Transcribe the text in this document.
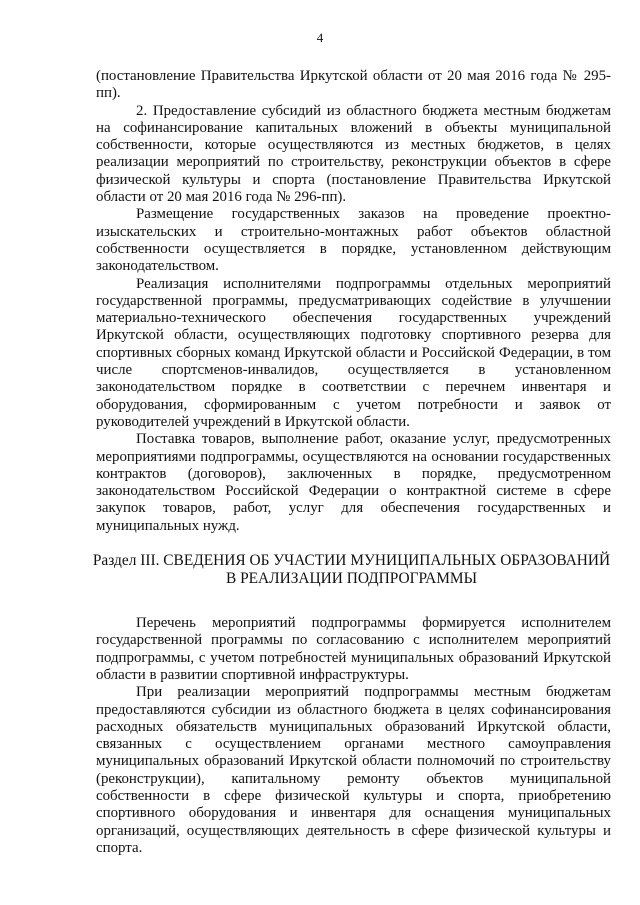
4

(постановление Правительства Иркутской области от 20 мая 2016 года № 295-пп).

2. Предоставление субсидий из областного бюджета местным бюджетам на софинансирование капитальных вложений в объекты муниципальной собственности, которые осуществляются из местных бюджетов, в целях реализации мероприятий по строительству, реконструкции объектов в сфере физической культуры и спорта (постановление Правительства Иркутской области от 20 мая 2016 года № 296-пп).

Размещение государственных заказов на проведение проектно-изыскательских и строительно-монтажных работ объектов областной собственности осуществляется в порядке, установленном действующим законодательством.

Реализация исполнителями подпрограммы отдельных мероприятий государственной программы, предусматривающих содействие в улучшении материально-технического обеспечения государственных учреждений Иркутской области, осуществляющих подготовку спортивного резерва для спортивных сборных команд Иркутской области и Российской Федерации, в том числе спортсменов-инвалидов, осуществляется в установленном законодательством порядке в соответствии с перечнем инвентаря и оборудования, сформированным с учетом потребности и заявок от руководителей учреждений в Иркутской области.

Поставка товаров, выполнение работ, оказание услуг, предусмотренных мероприятиями подпрограммы, осуществляются на основании государственных контрактов (договоров), заключенных в порядке, предусмотренном законодательством Российской Федерации о контрактной системе в сфере закупок товаров, работ, услуг для обеспечения государственных и муниципальных нужд.

Раздел III. СВЕДЕНИЯ ОБ УЧАСТИИ МУНИЦИПАЛЬНЫХ ОБРАЗОВАНИЙ
В РЕАЛИЗАЦИИ ПОДПРОГРАММЫ

Перечень мероприятий подпрограммы формируется исполнителем государственной программы по согласованию с исполнителем мероприятий подпрограммы, с учетом потребностей муниципальных образований Иркутской области в развитии спортивной инфраструктуры.

При реализации мероприятий подпрограммы местным бюджетам предоставляются субсидии из областного бюджета в целях софинансирования расходных обязательств муниципальных образований Иркутской области, связанных с осуществлением органами местного самоуправления муниципальных образований Иркутской области полномочий по строительству (реконструкции), капитальному ремонту объектов муниципальной собственности в сфере физической культуры и спорта, приобретению спортивного оборудования и инвентаря для оснащения муниципальных организаций, осуществляющих деятельность в сфере физической культуры и спорта.
